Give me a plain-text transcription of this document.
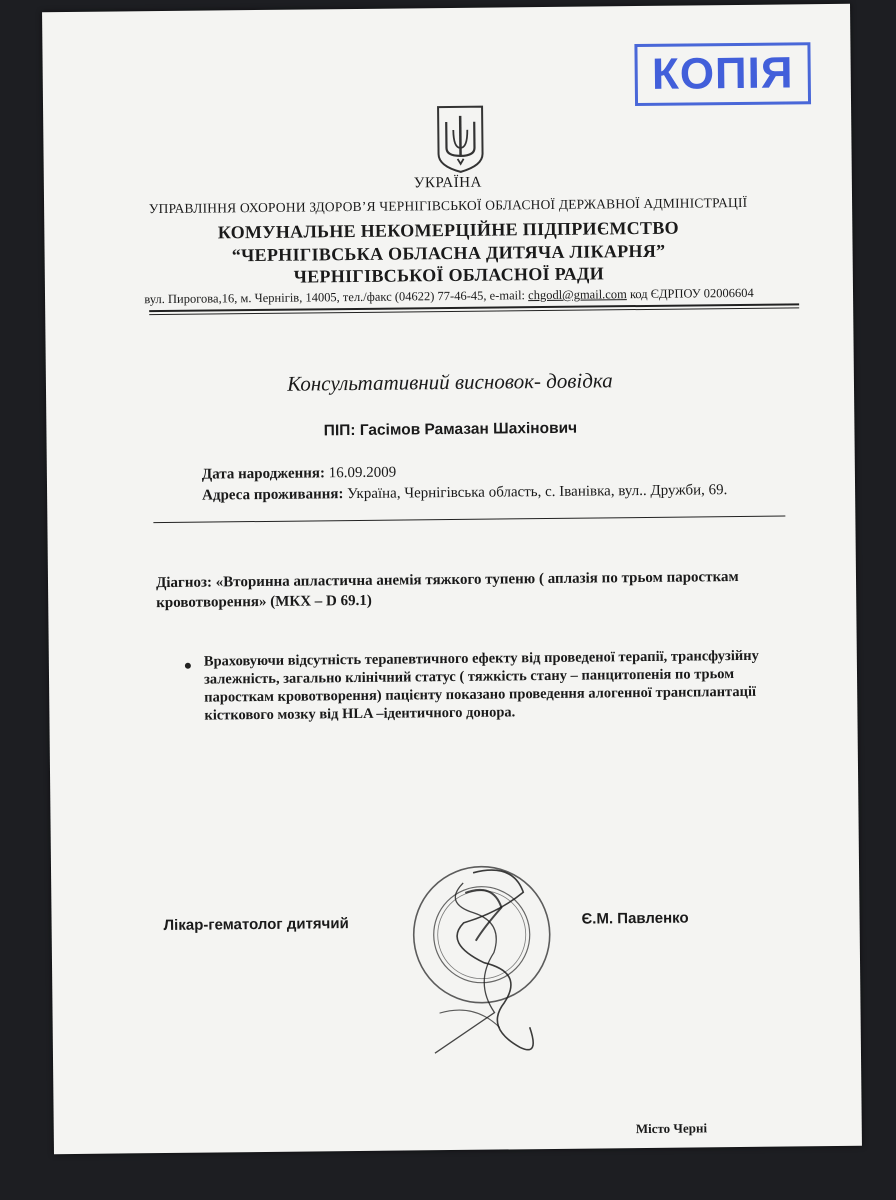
КОПІЯ
УКРАЇНА
УПРАВЛІННЯ ОХОРОНИ ЗДОРОВ’Я ЧЕРНІГІВСЬКОЇ ОБЛАСНОЇ ДЕРЖАВНОЇ АДМІНІСТРАЦІЇ
КОМУНАЛЬНЕ НЕКОМЕРЦІЙНЕ ПІДПРИЄМСТВО
“ЧЕРНІГІВСЬКА ОБЛАСНА ДИТЯЧА ЛІКАРНЯ”
ЧЕРНІГІВСЬКОЇ ОБЛАСНОЇ РАДИ
вул. Пирогова,16, м. Чернігів, 14005, тел./факс (04622) 77-46-45, e-mail: chgodl@gmail.com код ЄДРПОУ 02006604
Консультативний висновок- довідка
ПІП: Гасімов Рамазан Шахінович
Дата народження: 16.09.2009
Адреса проживання: Україна, Чернігівська область, с. Іванівка, вул.. Дружби, 69.
Діагноз: «Вторинна апластична анемія тяжкого тупеню ( аплазія по трьом паросткам кровотворення» (МКХ – D 69.1)
Враховуючи відсутність терапевтичного ефекту від проведеної терапії, трансфузійну залежність, загально клінічний статус ( тяжкість стану – панцитопенія по трьом паросткам кровотворення) пацієнту показано проведення алогенної трансплантації кісткового мозку від HLA –ідентичного донора.
Лікар-гематолог дитячий	Є.М. Павленко
Місто Черні
